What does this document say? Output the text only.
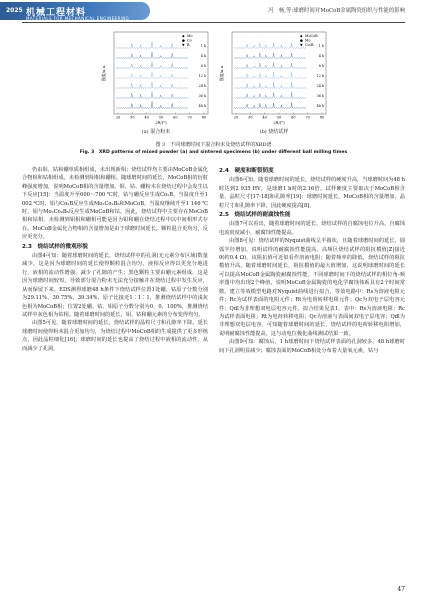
2025 机械工程材料
MATERIALS FOR MECHANICAL ENGINEERING
冯　畅,等:球磨时间对MoCoB金属陶瓷组织与性能的影响
强度/a.u.
20	30	40	50	60	70	80
2θ/(°)
48 h
36 h
24 h
12 h
8 h
4 h
1 h
◆ Mo
● Co
▼ B
(a) 混合粉末
强度/a.u.
20	30	40	50	60	70	80
2θ/(°)
48 h
36 h
24 h
12 h
8 h
4 h
1 h
◆ MoCoB
● Mo
▼ Co₂B
(b) 烧结试样
图 3　不同球磨时间下混合粉末及烧结试样的XRD谱
Fig. 3　XRD patterns of mixed powder (a) and sintered specimens (b) under different ball milling times

仍由钼、钴和硼单质相组成，未出现新相；烧结试样均主要由MoCoB金属化合物相和钴相组成，未检测到钼相和硼相。随球磨时间的延长，MoCoB相的衍射峰强度增加，说明MoCoB相的含量增加。钼、钴、硼粉末在烧结过程中会发生以下反应[15]：当温度升至600～700 ℃时，钴与硼反应生成Co₂B，当温度升至1 002 ℃时，钼与Co₂B反应生成Mo₂Co₂B₆和MoCoB，当温度继续升至1 146 ℃时，钼与Mo₂Co₂B₆反应生成MoCoB和钴。因此，烧结试样中主要存在MoCoB相和钴相，未检测到钼相和硼相可能是因为钼和硼在烧结过程中以中间相形式存在。MoCoB金属化合物相的含量增加是由于球磨时间延长，颗粒混合更均匀，反应更充分。

2.3　烧结试样的微观形貌

由图4可知：随着球磨时间的延长，烧结试样中的孔洞(无元素分布区域)数量减少，这是因为球磨时间的延长使得颗粒混合均匀，液相反应得以更充分地进行，液相的流动性增强，减少了孔隙的产生；黑色颗粒主要由硼元素组成，这是因为球磨时间较短，导致部分混合粉末无法充分接触并在烧结过程中发生反应，从而保留下来。EDS测得球磨48 h条件下烧结试样位置1处硼、钴原子分数分别为29.11%、30.75%、39.34%，原子比接近1∶1∶1，推测烧结试样中的浅灰色相为MoCoB相；位置2处硼、钴、钼原子分数分别为0、0、100%，推测烧结试样中灰色相为钴相。随着球磨时间的延长，钼、钴和硼元素的分布变得均匀。

由图5可见，随着球磨时间的延长，烧结试样的晶粒尺寸和孔隙率下降。延长球磨时间使得粉末混合更加均匀，为烧结过程中MoCoB相的生成提供了更多形核点，因此晶粒细化[16]；球磨时间的延长也提高了烧结过程中液相的流动性，从而减少了孔洞。

2.4　硬度和断裂韧度

由图6可知，随着球磨时间的延长，烧结试样的硬度升高，当球磨时间为48 h时达到2 935 HV，是球磨1 h时的2.16倍。试样硬度主要取决于MoCoB相含量、晶粒尺寸[17-18]和孔隙率[19]：球磨时间延长，MoCoB相的含量增加，晶粒尺寸和孔隙率下降，因此硬度提高[8]。

2.5　烧结试样的耐腐蚀性能

由图7可以看出，随着球磨时间的延长，烧结试样的自腐蚀电位升高，自腐蚀电流密度减小，耐腐蚀性能提高。

由图8可见：烧结试样的Nyquist曲线呈半圆状，且随着球磨时间的延长，圆弧半径增加，说明试样的耐腐蚀性能提高。高频区烧结试样的阻抗模值|Z|接近0(约0.4 Ω)，该阻抗值可近似看作溶液电阻；随着频率的降低，烧结试样的阻抗模值升高。随着球磨时间延长，阻抗模值的最大值增加，这说明球磨时间的延长可以提高MoCoB金属陶瓷耐腐蚀性能。不同球磨时间下的烧结试样的相位角-频率图中均出现2个峰值，说明MoCoB金属陶瓷的电化学腐蚀体系具有2个时间常数。建立等效模型电路对Nyquist曲线进行拟合，等效电路中：Rs为溶液电阻元件；Rc为试样表面的电阻元件；Rt为电荷转移电阻元件；Qc为双电子层电容元件；Qdl为非理想双电层电容元件。拟合结果见表1，表中：Rs为溶液电阻；Rc为试样表面电阻；Rt为电荷转移电阻；Qc为溶液与表面间双电子层电容；Qdl为非理想双电层电容。可知随着球磨时间的延长，烧结试样的电荷转移电阻增加，说明耐腐蚀性能提高，这与动电位极化曲线测试结果一致。

由图9可知：腐蚀后，1 h球磨时间下烧结试样表面的孔洞较多，48 h球磨时间下孔洞明显减少；腐蚀表面的MoCoB相处分布着大量氧元素，钴与

47
